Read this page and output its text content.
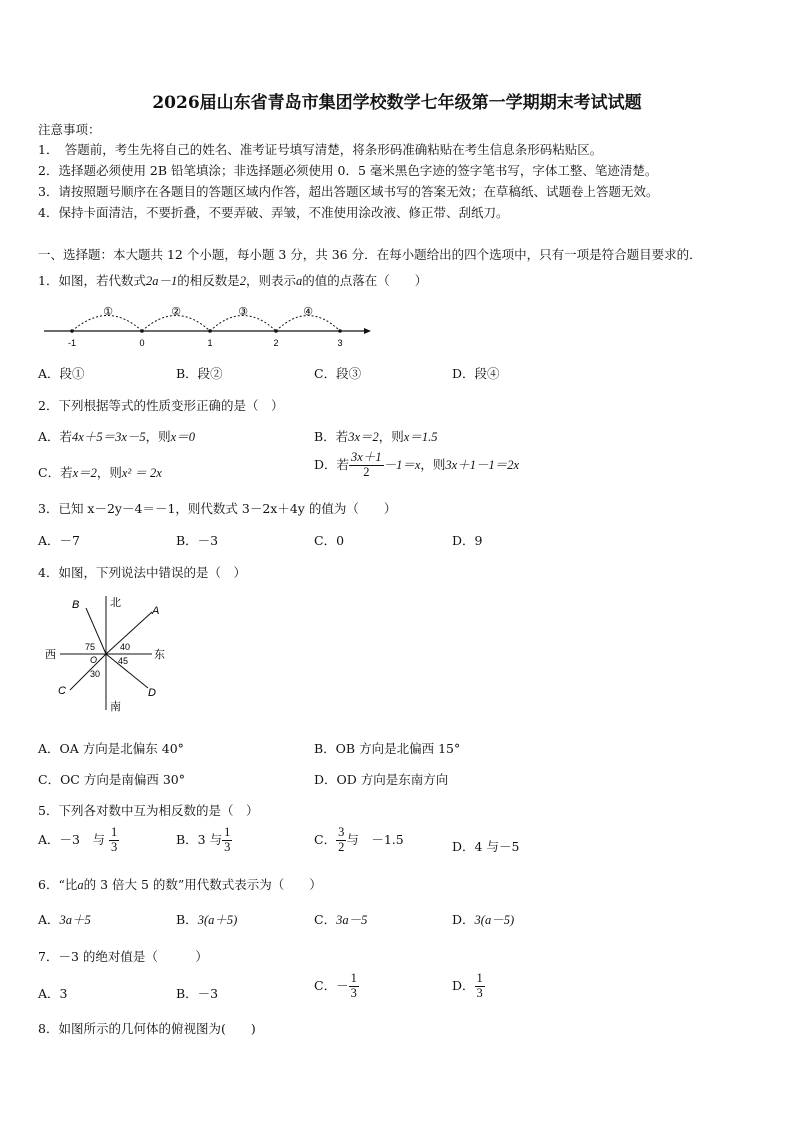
2026届山东省青岛市集团学校数学七年级第一学期期末考试试题
注意事项：
1．　答题前，考生先将自己的姓名、准考证号填写清楚，将条形码准确粘贴在考生信息条形码粘贴区。
2．选择题必须使用 2B 铅笔填涂；非选择题必须使用 0．5 毫米黑色字迹的签字笔书写，字体工整、笔迹清楚。
3．请按照题号顺序在各题目的答题区域内作答，超出答题区域书写的答案无效；在草稿纸、试题卷上答题无效。
4．保持卡面清洁，不要折叠，不要弄破、弄皱，不准使用涂改液、修正带、刮纸刀。
一、选择题：本大题共 12 个小题，每小题 3 分，共 36 分．在每小题给出的四个选项中，只有一项是符合题目要求的．
1．如图，若代数式2a－1的相反数是2，则表示a的值的点落在（　　）
-1	0	1	2	3
①	②	③	④
A．段①	B．段②	C．段③	D．段④
2．下列根据等式的性质变形正确的是（　）
A．若4x＋5＝3x－5，则x＝0	B．若3x＝2，则x＝1.5
C．若x＝2，则x² ＝ 2x
D．若 $\frac{3x+1}{2} -1=x$，则3x＋1－1＝2x
3．已知 x－2y－4＝－1，则代数式 3－2x＋4y 的值为（　　）
A．－7	B．－3	C．0	D．9
4．如图，下列说法中错误的是（　）
北
南
西	东
A
B
C	D
O
40
75
45
30
A．OA 方向是北偏东 40°	B．OB 方向是北偏西 15°
C．OC 方向是南偏西 30°	D．OD 方向是东南方向
5．下列各对数中互为相反数的是（　）
A．－3　与 $\frac{1}{3}$	B．3 与 $\frac{1}{3}$	C． $\frac{3}{2}$ 与　－1.5	D．4 与－5
6．“比a的 3 倍大 5 的数”用代数式表示为（　　）
A．3a＋5	B．3(a＋5)	C．3a－5	D．3(a－5)
7．－3 的绝对值是（　　　）
A．3	B．－3
C．－ $\frac{1}{3}$	D． $\frac{1}{3}$
8．如图所示的几何体的俯视图为(　　)
